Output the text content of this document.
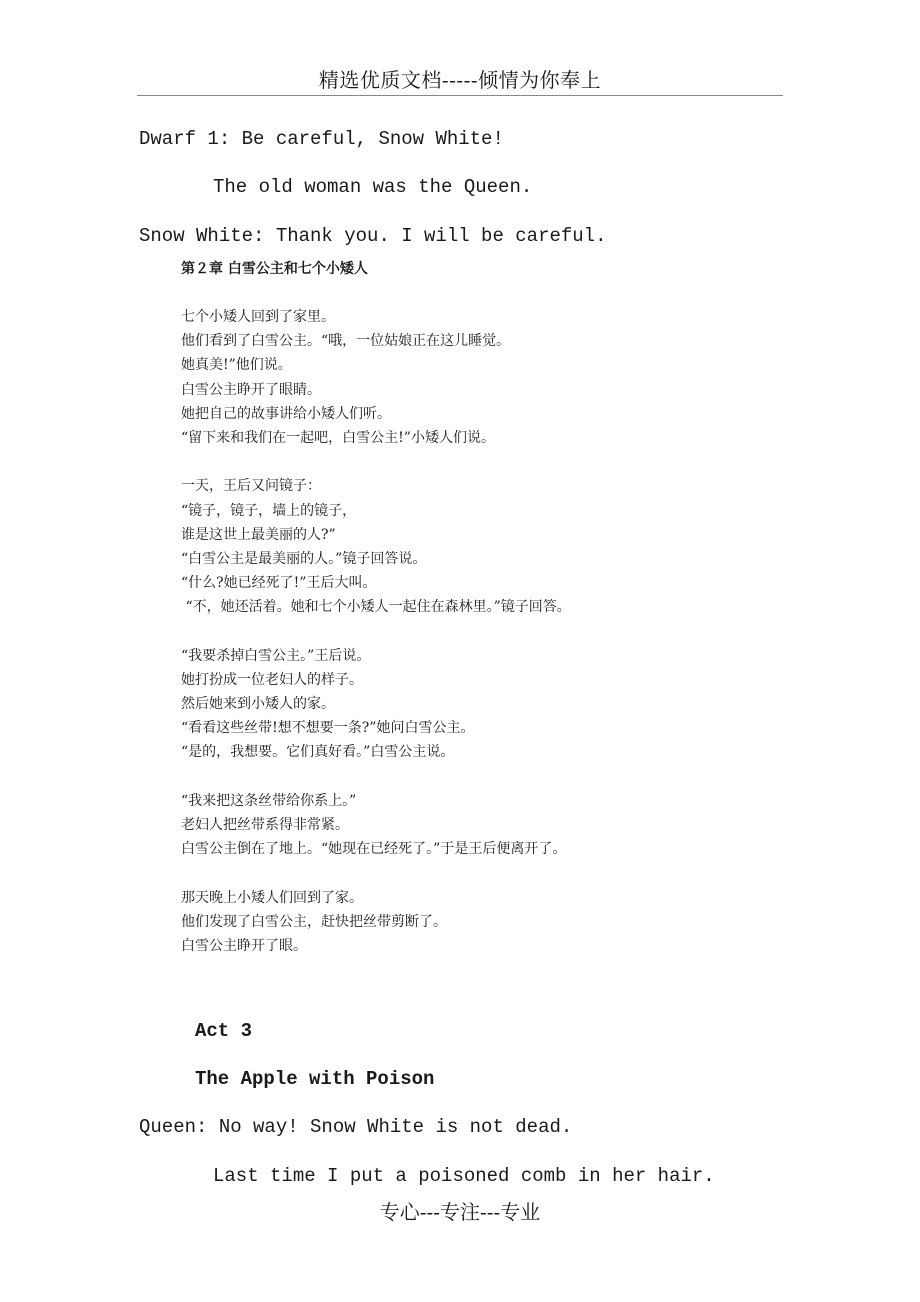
精选优质文档-----倾情为你奉上
Dwarf 1: Be careful, Snow White!
The old woman was the Queen.
Snow White: Thank you. I will be careful.
第２章 白雪公主和七个小矮人
七个小矮人回到了家里。
他们看到了白雪公主。“哦，一位姑娘正在这儿睡觉。
她真美!”他们说。
白雪公主睁开了眼睛。
她把自己的故事讲给小矮人们听。
“留下来和我们在一起吧，白雪公主!”小矮人们说。
一天，王后又问镜子：
“镜子，镜子，墙上的镜子，
谁是这世上最美丽的人?”
“白雪公主是最美丽的人。”镜子回答说。
“什么?她已经死了!”王后大叫。
“不，她还活着。她和七个小矮人一起住在森林里。”镜子回答。
“我要杀掉白雪公主。”王后说。
她打扮成一位老妇人的样子。
然后她来到小矮人的家。
“看看这些丝带!想不想要一条?”她问白雪公主。
“是的，我想要。它们真好看。”白雪公主说。
“我来把这条丝带给你系上。”
老妇人把丝带系得非常紧。
白雪公主倒在了地上。“她现在已经死了。”于是王后便离开了。
那天晚上小矮人们回到了家。
他们发现了白雪公主，赶快把丝带剪断了。
白雪公主睁开了眼。
Act 3
The Apple with Poison
Queen: No way! Snow White is not dead.
Last time I put a poisoned comb in her hair.
专心---专注---专业
